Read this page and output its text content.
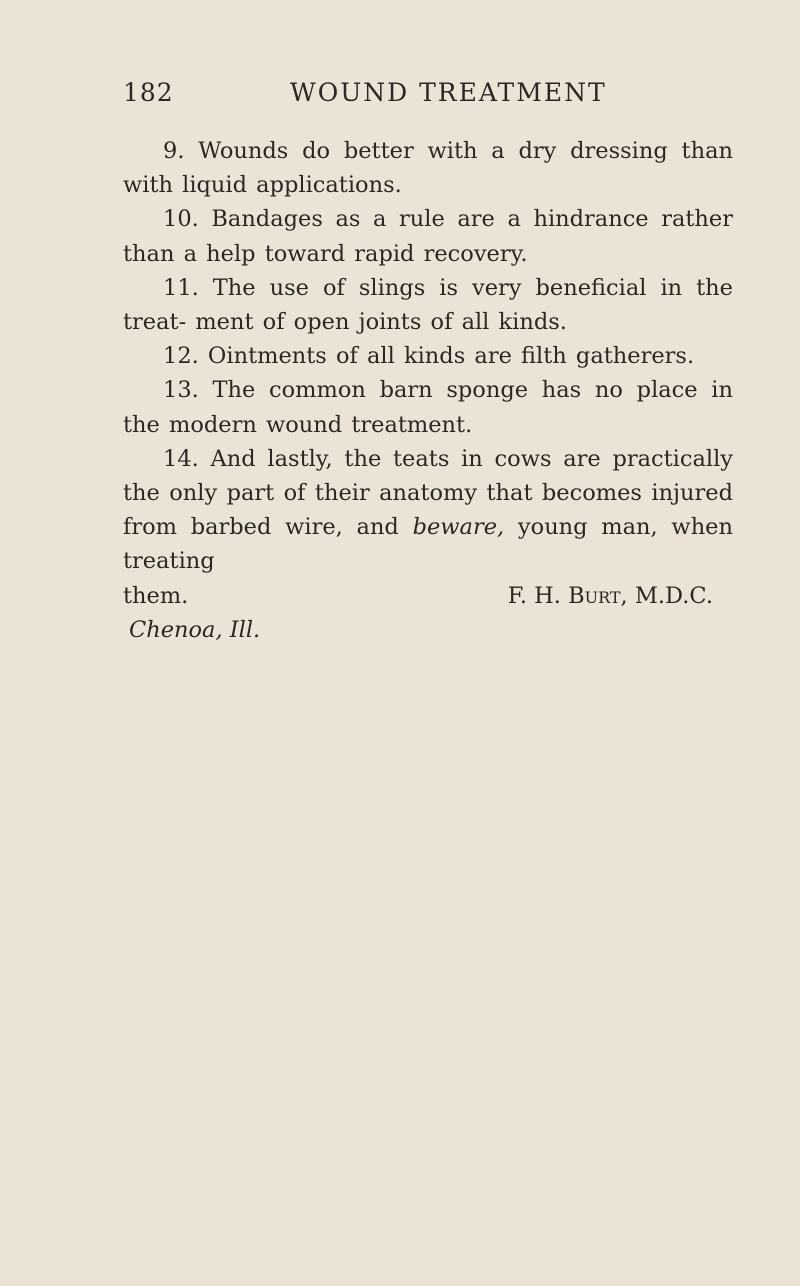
182	WOUND TREATMENT

9. Wounds do better with a dry dressing than with liquid applications.

10. Bandages as a rule are a hindrance rather than a help toward rapid recovery.

11. The use of slings is very beneficial in the treat- ment of open joints of all kinds.

12. Ointments of all kinds are filth gatherers.

13. The common barn sponge has no place in the modern wound treatment.

14. And lastly, the teats in cows are practically the only part of their anatomy that becomes injured from barbed wire, and beware, young man, when treating

them.	F. H. Burt, M.D.C.

Chenoa, Ill.
